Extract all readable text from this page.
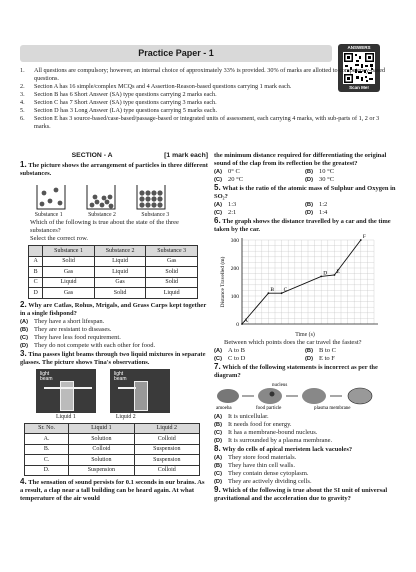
Practice Paper - 1
ANSWERS
Scan Me!
1.	All questions are compulsory; however, an internal choice of approximately 33% is provided. 30% of marks are allotted to competency-based questions.
2.	Section A has 16 simple/complex MCQs and 4 Assertion-Reason-based questions carrying 1 mark each.
3.	Section B has 6 Short Answer (SA) type questions carrying 2 marks each.
4.	Section C has 7 Short Answer (SA) type questions carrying 3 marks each.
5.	Section D has 3 Long Answer (LA) type questions carrying 5 marks each.
6.	Section E has 3 source-based/case-based/passage-based or integrated units of assessment, each carrying 4 marks, with sub-parts of 1, 2 or 3 marks.
SECTION - A	[1 mark each]
1. The picture shows the arrangement of particles in three different substances.
Substance 1	Substance 2	Substance 3
Which of the following is true about the state of the three substances?
Select the correct row.
	Substance 1	Substance 2	Substance 3
A	Solid	Liquid	Gas
B	Gas	Liquid	Solid
C	Liquid	Gas	Solid
D	Gas	Solid	Liquid
2. Why are Catlas, Rohus, Mrigals, and Grass Carps kept together in a single fishpond?
(A) They have a short lifespan.
(B) They are resistant to diseases.
(C) They have less food requirement.
(D) They do not compete with each other for food.
3. Tina passes light beams through two liquid mixtures in separate glasses. The picture shows Tina's observations.
light beam
light beam
Liquid 1	Liquid 2
Sr. No.	Liquid 1	Liquid 2
A.	Solution	Colloid
B.	Colloid	Suspension
C.	Solution	Suspension
D.	Suspension	Colloid
4. The sensation of sound persists for 0.1 seconds in our brains. As a result, a clap near a tall building can be heard again. At what temperature of the air would
the minimum distance required for differentiating the original sound of the clap from its reflection be the greatest?
(A) 0° C	(B) 10 °C
(C) 20 °C	(D) 30 °C
5. What is the ratio of the atomic mass of Sulphur and Oxygen in SO₂?
(A) 1:3	(B) 1:2
(C) 2:1	(D) 1:4
6. The graph shows the distance travelled by a car and the time taken by the car.
Distance Travelled (m)
0
100
200
300
A
B C
D E
F
Time (s)
Between which points does the car travel the fastest?
(A) A to B	(B) B to C
(C) C to D	(D) E to F
7. Which of the following statements is incorrect as per the diagram?
nucleus
amoeba	food particle	plasma membrane
(A) It is unicellular.
(B) It needs food for energy.
(C) It has a membrane-bound nucleus.
(D) It is surrounded by a plasma membrane.
8. Why do cells of apical meristem lack vacuoles?
(A) They store food materials.
(B) They have thin cell walls.
(C) They contain dense cytoplasm.
(D) They are actively dividing cells.
9. Which of the following is true about the SI unit of universal gravitational and the acceleration due to gravity?
